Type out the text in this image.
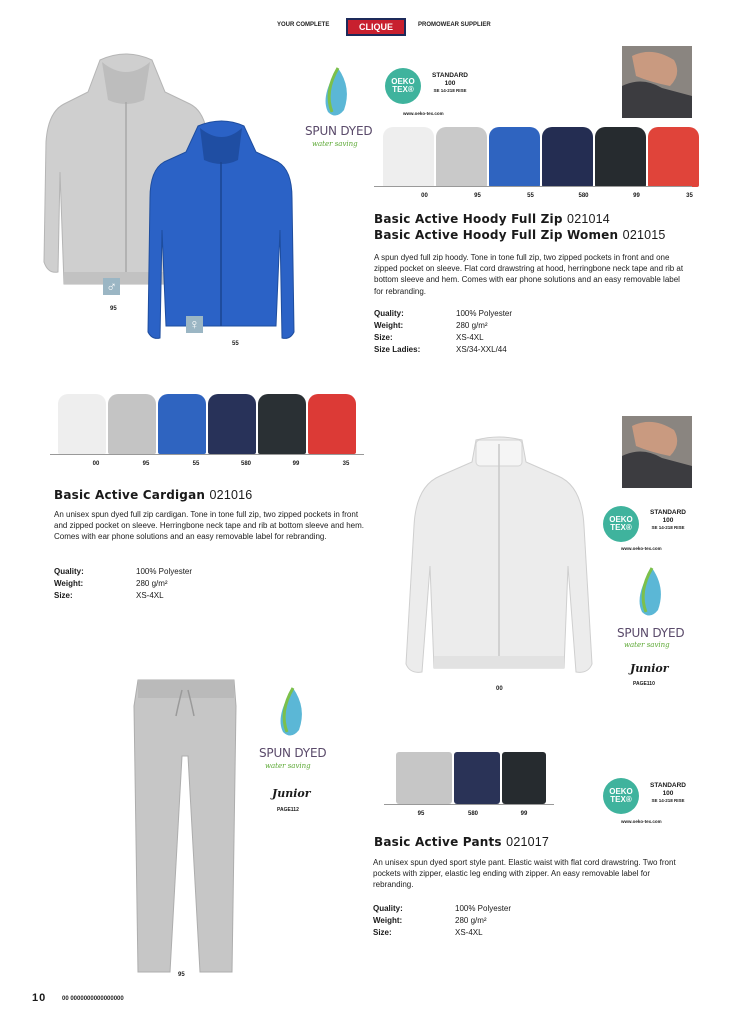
YOUR COMPLETE	CLIQUE	PROMOWEAR SUPPLIER
♂
95
♀
55
SPUN DYED
water saving
OEKO TEX®
STANDARD 100
SE 14-218 RISE
www.oeko-tex.com
00	95	55	580	99	35
Basic Active Hoody Full Zip 021014
Basic Active Hoody Full Zip Women 021015
A spun dyed full zip hoody. Tone in tone full zip, two zipped pockets in front and one zipped pocket on sleeve. Flat cord drawstring at hood, herringbone neck tape and rib at bottom sleeve and hem. Comes with ear phone solutions and an easy removable label for rebranding.
Quality:	100% Polyester
Weight:	280 g/m²
Size:	XS-4XL
Size Ladies:	XS/34-XXL/44
00	95	55	580	99	35
Basic Active Cardigan 021016
An unisex spun dyed full zip cardigan. Tone in tone full zip, two zipped pockets in front and zipped pocket on sleeve. Herringbone neck tape and rib at bottom sleeve and hem. Comes with ear phone solutions and an easy removable label for rebranding.
Quality:	100% Polyester
Weight:	280 g/m²
Size:	XS-4XL
00
OEKO TEX®
STANDARD 100
SE 14-218 RISE
www.oeko-tex.com
SPUN DYED
water saving
Junior
PAGE110
95
SPUN DYED
water saving
Junior
PAGE112
95	580	99
OEKO TEX®
STANDARD 100
SE 14-218 RISE
www.oeko-tex.com
Basic Active Pants 021017
An unisex spun dyed sport style pant. Elastic waist with flat cord drawstring. Two front pockets with zipper, elastic leg ending with zipper. An easy removable label for rebranding.
Quality:	100% Polyester
Weight:	280 g/m²
Size:	XS-4XL
10	00 0000000000000000
